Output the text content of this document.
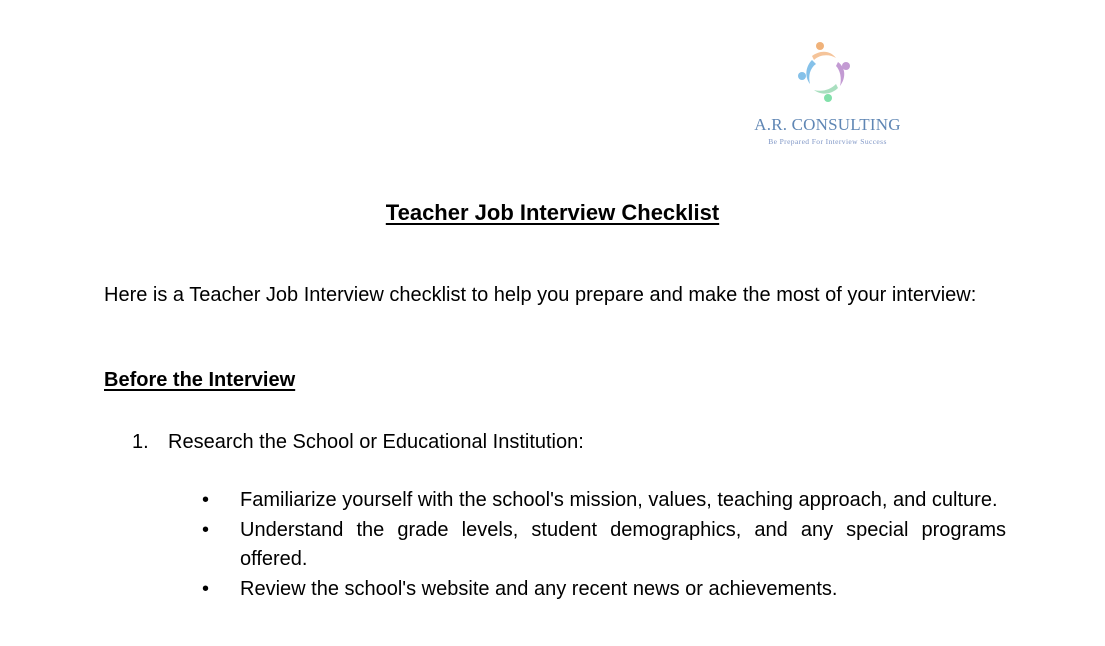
A.R. CONSULTING
Be Prepared For Interview Success
Teacher Job Interview Checklist
Here is a Teacher Job Interview checklist to help you prepare and make the most of your interview:
Before the Interview
1. Research the School or Educational Institution:
• Familiarize yourself with the school's mission, values, teaching approach, and culture.
• Understand the grade levels, student demographics, and any special programs offered.
• Review the school's website and any recent news or achievements.
